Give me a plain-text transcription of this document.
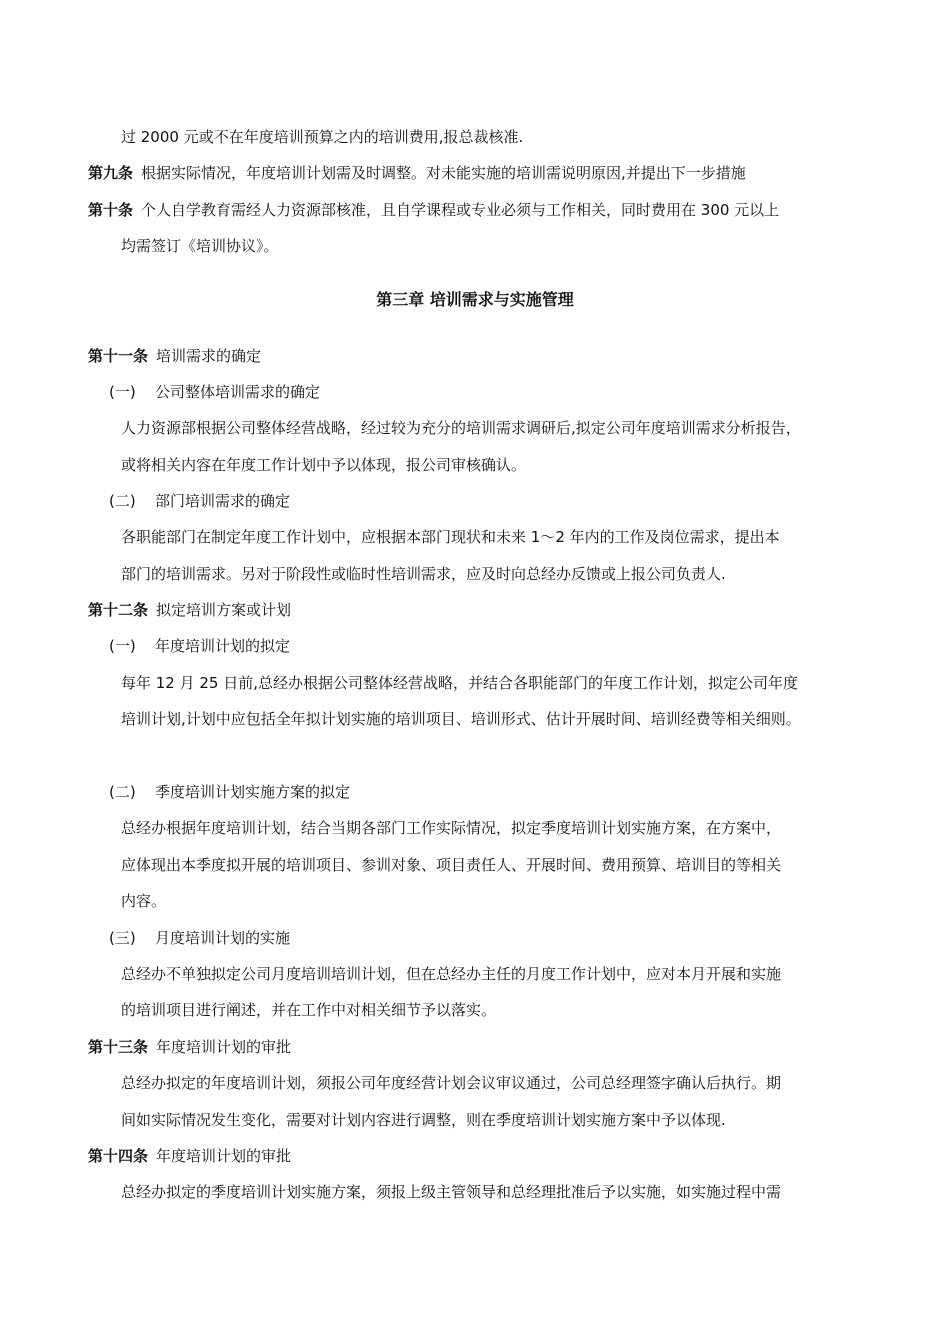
过 2000 元或不在年度培训预算之内的培训费用,报总裁核准.
第九条 根据实际情况，年度培训计划需及时调整。对未能实施的培训需说明原因,并提出下一步措施
第十条 个人自学教育需经人力资源部核准，且自学课程或专业必须与工作相关，同时费用在 300 元以上
均需签订《培训协议》。
第三章 培训需求与实施管理
第十一条 培训需求的确定
(一) 公司整体培训需求的确定
人力资源部根据公司整体经营战略，经过较为充分的培训需求调研后,拟定公司年度培训需求分析报告，
或将相关内容在年度工作计划中予以体现，报公司审核确认。
(二) 部门培训需求的确定
各职能部门在制定年度工作计划中，应根据本部门现状和未来 1～2 年内的工作及岗位需求，提出本
部门的培训需求。另对于阶段性或临时性培训需求，应及时向总经办反馈或上报公司负责人.
第十二条 拟定培训方案或计划
(一) 年度培训计划的拟定
每年 12 月 25 日前,总经办根据公司整体经营战略，并结合各职能部门的年度工作计划，拟定公司年度
培训计划,计划中应包括全年拟计划实施的培训项目、培训形式、估计开展时间、培训经费等相关细则。
(二) 季度培训计划实施方案的拟定
总经办根据年度培训计划，结合当期各部门工作实际情况，拟定季度培训计划实施方案，在方案中，
应体现出本季度拟开展的培训项目、参训对象、项目责任人、开展时间、费用预算、培训目的等相关
内容。
(三) 月度培训计划的实施
总经办不单独拟定公司月度培训培训计划，但在总经办主任的月度工作计划中，应对本月开展和实施
的培训项目进行阐述，并在工作中对相关细节予以落实。
第十三条 年度培训计划的审批
总经办拟定的年度培训计划，须报公司年度经营计划会议审议通过，公司总经理签字确认后执行。期
间如实际情况发生变化，需要对计划内容进行调整，则在季度培训计划实施方案中予以体现.
第十四条 年度培训计划的审批
总经办拟定的季度培训计划实施方案，须报上级主管领导和总经理批准后予以实施，如实施过程中需
